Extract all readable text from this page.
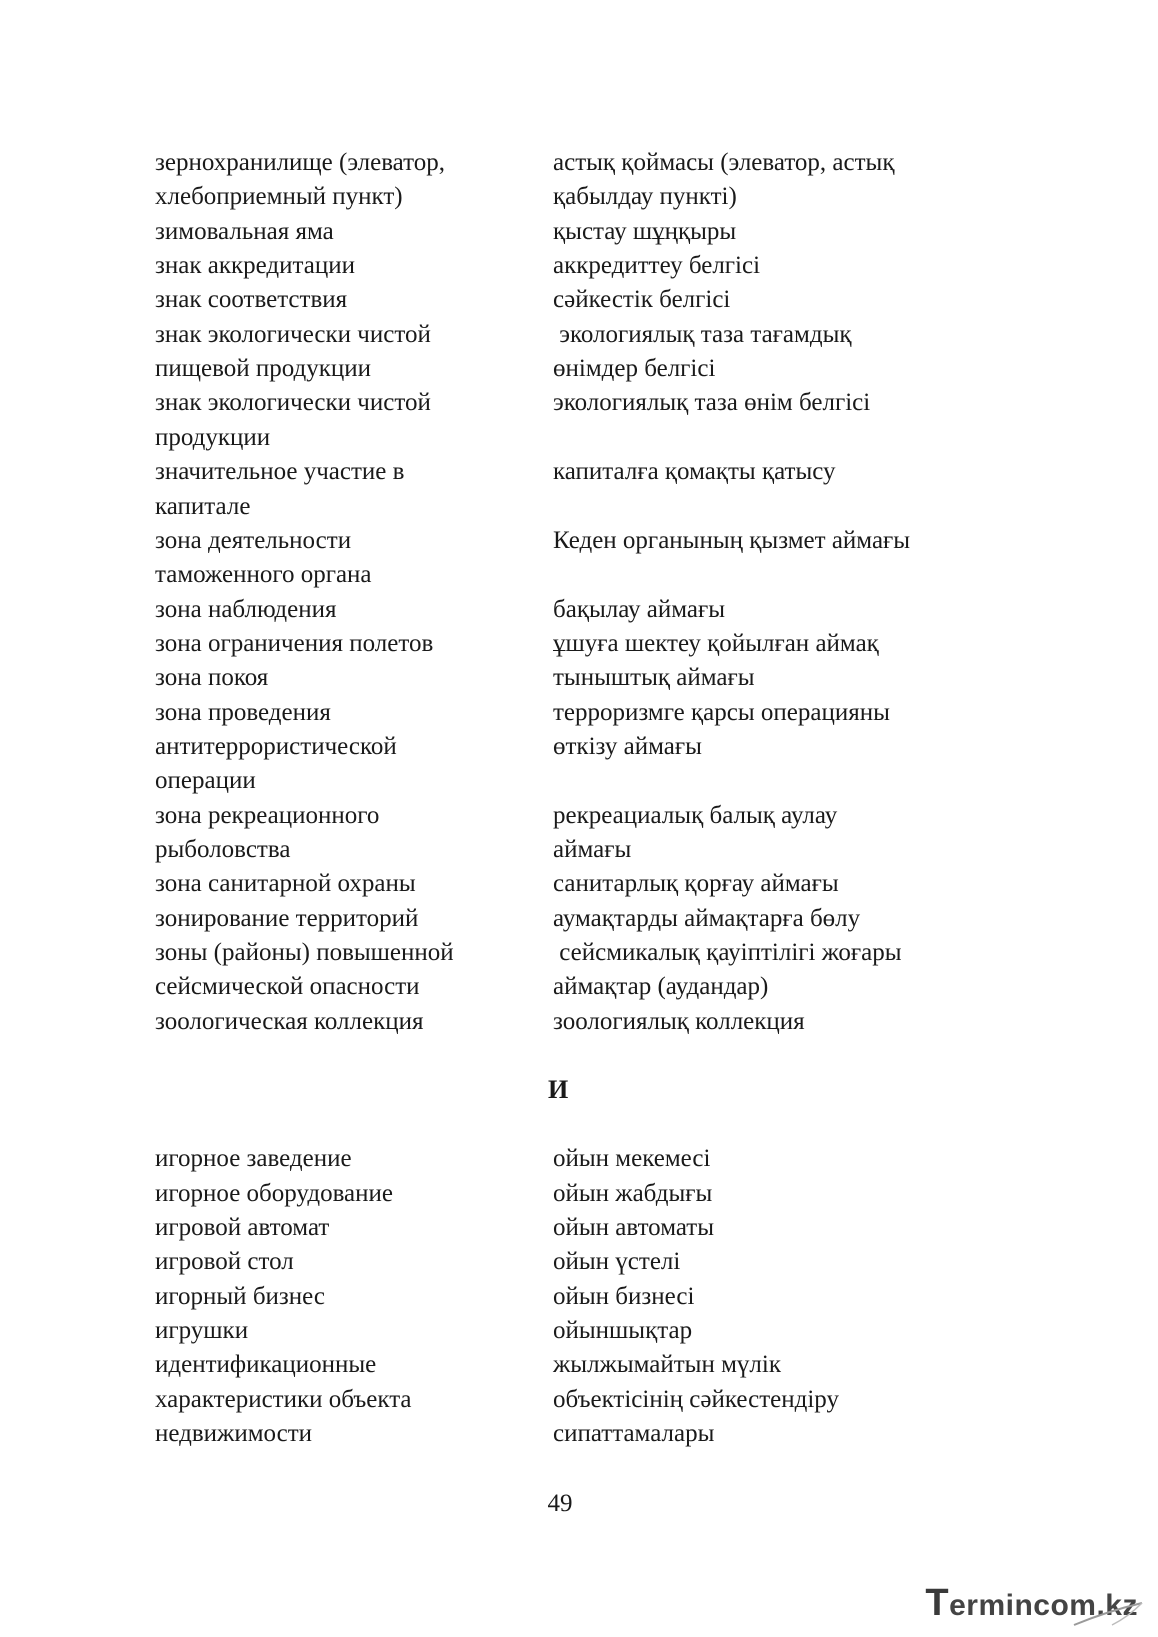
зернохранилище (элеватор,	астық қоймасы (элеватор, астық
хлебоприемный пункт)	қабылдау пункті)
зимовальная яма	қыстау шұңқыры
знак аккредитации	аккредиттеу белгісі
знак соответствия	сәйкестік белгісі
знак экологически чистой	экологиялық таза тағамдық
пищевой продукции	өнімдер белгісі
знак экологически чистой	экологиялық таза өнім белгісі
продукции
значительное участие в	капиталға қомақты қатысу
капитале
зона деятельности	Кеден органының қызмет аймағы
таможенного органа
зона наблюдения	бақылау аймағы
зона ограничения полетов	ұшуға шектеу қойылған аймақ
зона покоя	тыныштық аймағы
зона проведения	терроризмге қарсы операцияны
антитеррористической	өткізу аймағы
операции
зона рекреационного	рекреациалық балық аулау
рыболовства	аймағы
зона санитарной охраны	санитарлық қорғау аймағы
зонирование территорий	аумақтарды аймақтарға бөлу
зоны (районы) повышенной	сейсмикалық қауіптілігі жоғары
сейсмической опасности	аймақтар (аудандар)
зоологическая коллекция	зоологиялық коллекция
игорное заведение	ойын мекемесі
игорное оборудование	ойын жабдығы
игровой автомат	ойын автоматы
игровой стол	ойын үстелі
игорный бизнес	ойын бизнесі
игрушки	ойыншықтар
идентификационные	жылжымайтын мүлік
характеристики объекта	объектісінің сәйкестендіру
недвижимости	сипаттамалары
И
49
Termincom.kz
